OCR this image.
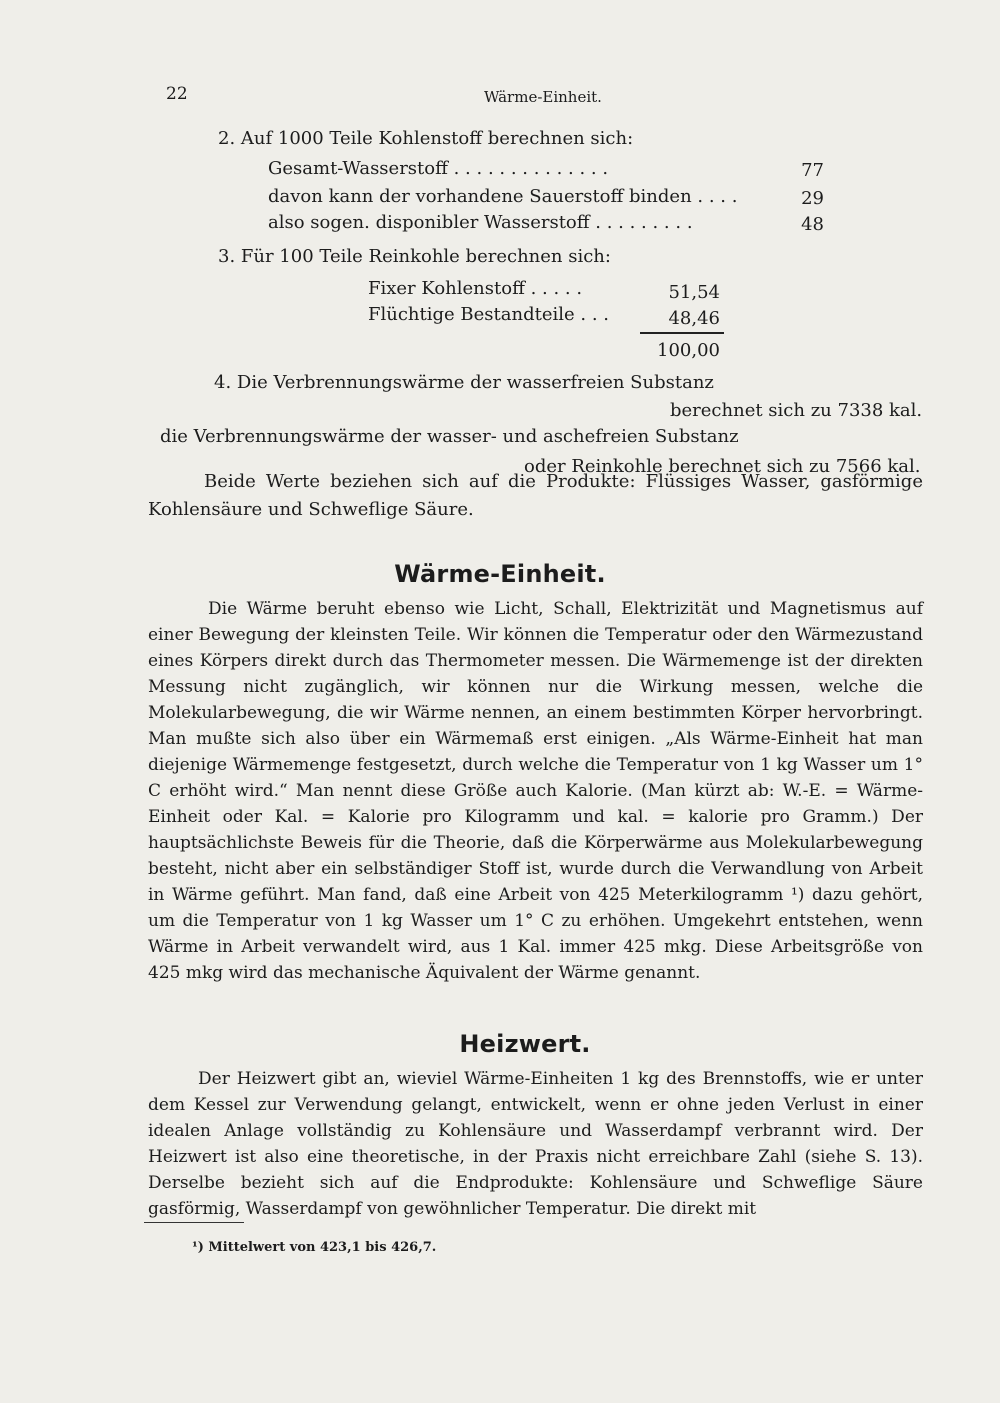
22	Wärme-Einheit.
2. Auf 1000 Teile Kohlenstoff berechnen sich:
Gesamt-Wasserstoff . . . . . . . . . . . . . .	77
davon kann der vorhandene Sauerstoff binden . . . .	29
also sogen. disponibler Wasserstoff . . . . . . . . .	48
3. Für 100 Teile Reinkohle berechnen sich:
Fixer Kohlenstoff . . . . .	51,54
Flüchtige Bestandteile . . .	48,46
100,00
4. Die Verbrennungswärme der wasserfreien Substanz
berechnet sich zu 7338 kal.
die Verbrennungswärme der wasser- und aschefreien Substanz
oder Reinkohle berechnet sich zu 7566 kal.

Beide Werte beziehen sich auf die Produkte: Flüssiges Wasser, gasförmige Kohlensäure und Schweflige Säure.

Wärme-Einheit.

Die Wärme beruht ebenso wie Licht, Schall, Elektrizität und Magnetismus auf einer Bewegung der kleinsten Teile. Wir können die Temperatur oder den Wärmezustand eines Körpers direkt durch das Thermometer messen. Die Wärmemenge ist der direkten Messung nicht zugänglich, wir können nur die Wirkung messen, welche die Molekularbewegung, die wir Wärme nennen, an einem bestimmten Körper hervorbringt. Man mußte sich also über ein Wärmemaß erst einigen. „Als Wärme-Einheit hat man diejenige Wärmemenge festgesetzt, durch welche die Temperatur von 1 kg Wasser um 1° C erhöht wird.“ Man nennt diese Größe auch Kalorie. (Man kürzt ab: W.-E. = Wärme-Einheit oder Kal. = Kalorie pro Kilogramm und kal. = kalorie pro Gramm.) Der hauptsächlichste Beweis für die Theorie, daß die Körperwärme aus Molekularbewegung besteht, nicht aber ein selbständiger Stoff ist, wurde durch die Verwandlung von Arbeit in Wärme geführt. Man fand, daß eine Arbeit von 425 Meterkilogramm ¹) dazu gehört, um die Temperatur von 1 kg Wasser um 1° C zu erhöhen. Umgekehrt entstehen, wenn Wärme in Arbeit verwandelt wird, aus 1 Kal. immer 425 mkg. Diese Arbeitsgröße von 425 mkg wird das mechanische Äquivalent der Wärme genannt.

Heizwert.

Der Heizwert gibt an, wieviel Wärme-Einheiten 1 kg des Brennstoffs, wie er unter dem Kessel zur Verwendung gelangt, entwickelt, wenn er ohne jeden Verlust in einer idealen Anlage vollständig zu Kohlensäure und Wasserdampf verbrannt wird. Der Heizwert ist also eine theoretische, in der Praxis nicht erreichbare Zahl (siehe S. 13). Derselbe bezieht sich auf die Endprodukte: Kohlensäure und Schweflige Säure gasförmig, Wasserdampf von gewöhnlicher Temperatur. Die direkt mit

¹) Mittelwert von 423,1 bis 426,7.
